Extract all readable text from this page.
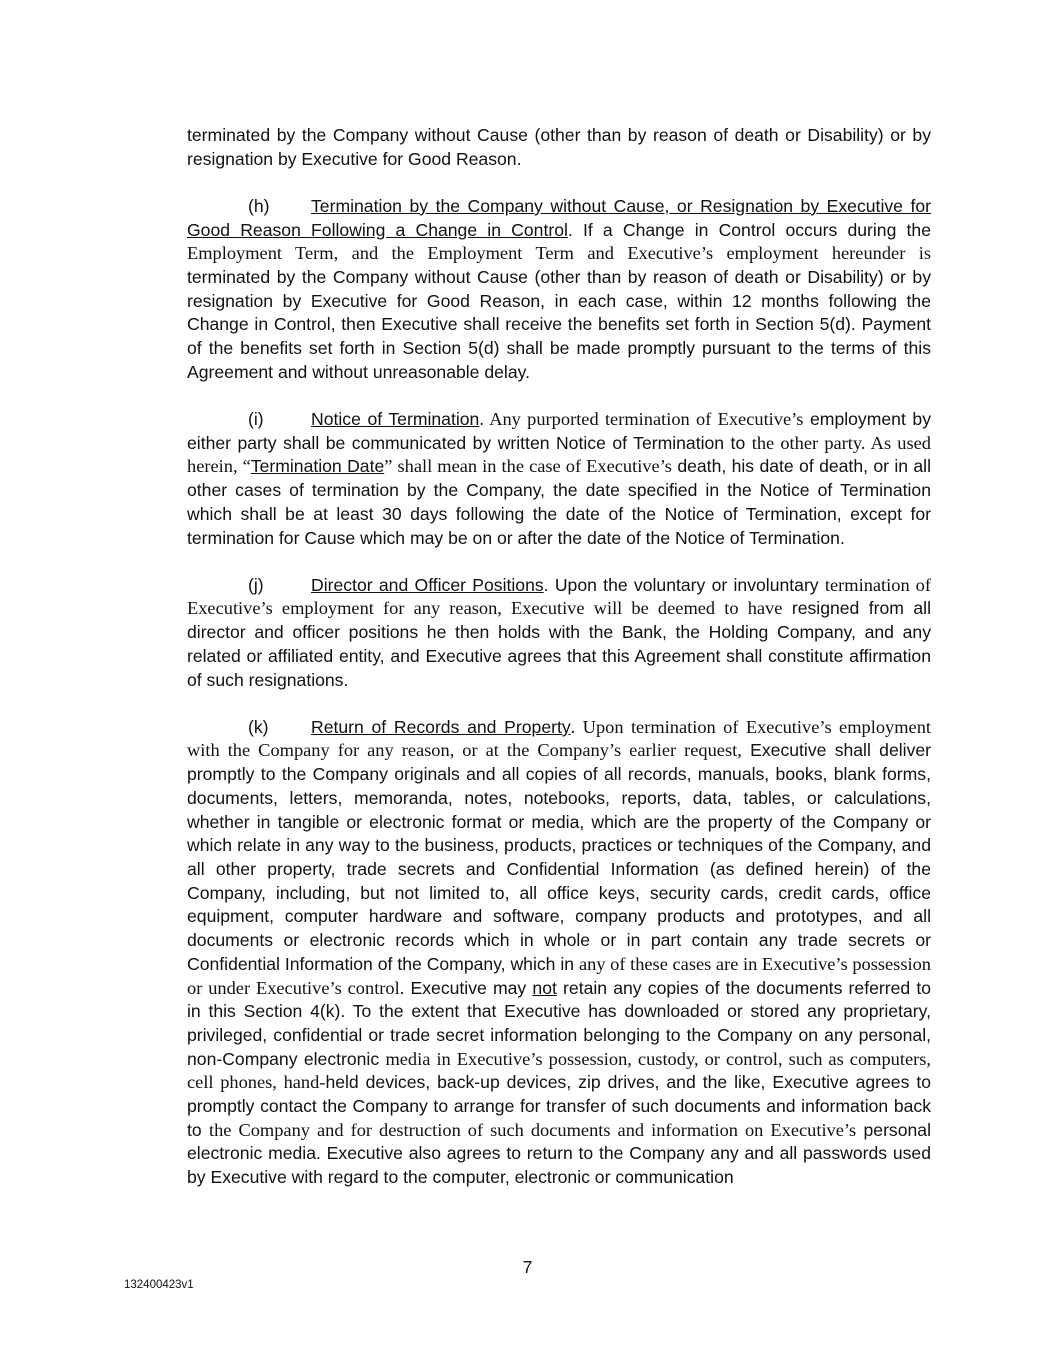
terminated by the Company without Cause (other than by reason of death or Disability) or by resignation by Executive for Good Reason.

(h) Termination by the Company without Cause, or Resignation by Executive for Good Reason Following a Change in Control. If a Change in Control occurs during the Employment Term, and the Employment Term and Executive’s employment hereunder is terminated by the Company without Cause (other than by reason of death or Disability) or by resignation by Executive for Good Reason, in each case, within 12 months following the Change in Control, then Executive shall receive the benefits set forth in Section 5(d). Payment of the benefits set forth in Section 5(d) shall be made promptly pursuant to the terms of this Agreement and without unreasonable delay.

(i)	Notice of Termination. Any purported termination of Executive’s employment by either party shall be communicated by written Notice of Termination to the other party. As used herein, “Termination Date” shall mean in the case of Executive’s death, his date of death, or in all other cases of termination by the Company, the date specified in the Notice of Termination which shall be at least 30 days following the date of the Notice of Termination, except for termination for Cause which may be on or after the date of the Notice of Termination.

(j)	Director and Officer Positions. Upon the voluntary or involuntary termination of Executive’s employment for any reason, Executive will be deemed to have resigned from all director and officer positions he then holds with the Bank, the Holding Company, and any related or affiliated entity, and Executive agrees that this Agreement shall constitute affirmation of such resignations.

(k) Return of Records and Property. Upon termination of Executive’s employment with the Company for any reason, or at the Company’s earlier request, Executive shall deliver promptly to the Company originals and all copies of all records, manuals, books, blank forms, documents, letters, memoranda, notes, notebooks, reports, data, tables, or calculations, whether in tangible or electronic format or media, which are the property of the Company or which relate in any way to the business, products, practices or techniques of the Company, and all other property, trade secrets and Confidential Information (as defined herein) of the Company, including, but not limited to, all office keys, security cards, credit cards, office equipment, computer hardware and software, company products and prototypes, and all documents or electronic records which in whole or in part contain any trade secrets or Confidential Information of the Company, which in any of these cases are in Executive’s possession or under Executive’s control. Executive may not retain any copies of the documents referred to in this Section 4(k). To the extent that Executive has downloaded or stored any proprietary, privileged, confidential or trade secret information belonging to the Company on any personal, non-Company electronic media in Executive’s possession, custody, or control, such as computers, cell phones, hand-held devices, back-up devices, zip drives, and the like, Executive agrees to promptly contact the Company to arrange for transfer of such documents and information back to the Company and for destruction of such documents and information on Executive’s personal electronic media. Executive also agrees to return to the Company any and all passwords used by Executive with regard to the computer, electronic or communication

7
132400423v1
